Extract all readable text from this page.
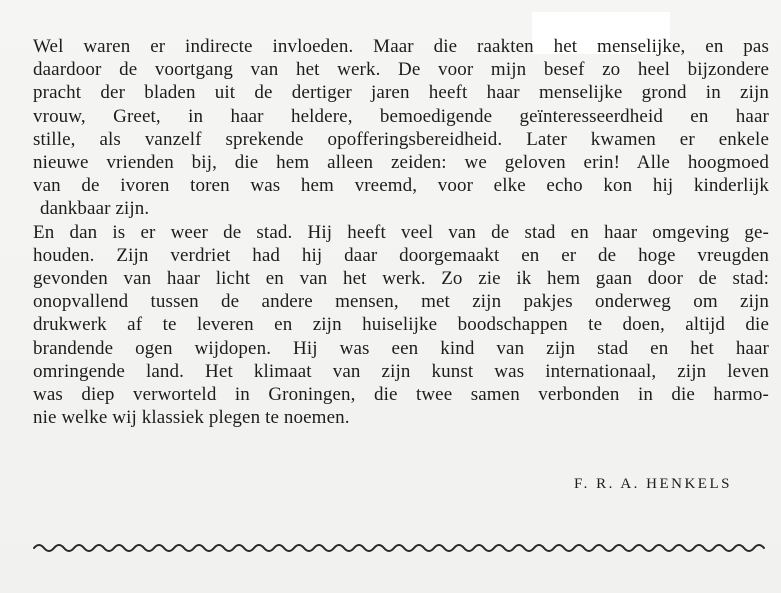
Wel waren er indirecte invloeden. Maar die raakten het menselijke, en pas
daardoor de voortgang van het werk. De voor mijn besef zo heel bijzondere
pracht der bladen uit de dertiger jaren heeft haar menselijke grond in zijn
vrouw, Greet, in haar heldere, bemoedigende geïnteresseerdheid en haar
stille, als vanzelf sprekende opofferingsbereidheid. Later kwamen er enkele
nieuwe vrienden bij, die hem alleen zeiden: we geloven erin! Alle hoogmoed
van de ivoren toren was hem vreemd, voor elke echo kon hij kinderlijk
dankbaar zijn.
En dan is er weer de stad. Hij heeft veel van de stad en haar omgeving ge-
houden. Zijn verdriet had hij daar doorgemaakt en er de hoge vreugden
gevonden van haar licht en van het werk. Zo zie ik hem gaan door de stad:
onopvallend tussen de andere mensen, met zijn pakjes onderweg om zijn
drukwerk af te leveren en zijn huiselijke boodschappen te doen, altijd die
brandende ogen wijdopen. Hij was een kind van zijn stad en het haar
omringende land. Het klimaat van zijn kunst was internationaal, zijn leven
was diep verworteld in Groningen, die twee samen verbonden in die harmo-
nie welke wij klassiek plegen te noemen.
F. R. A. HENKELS
